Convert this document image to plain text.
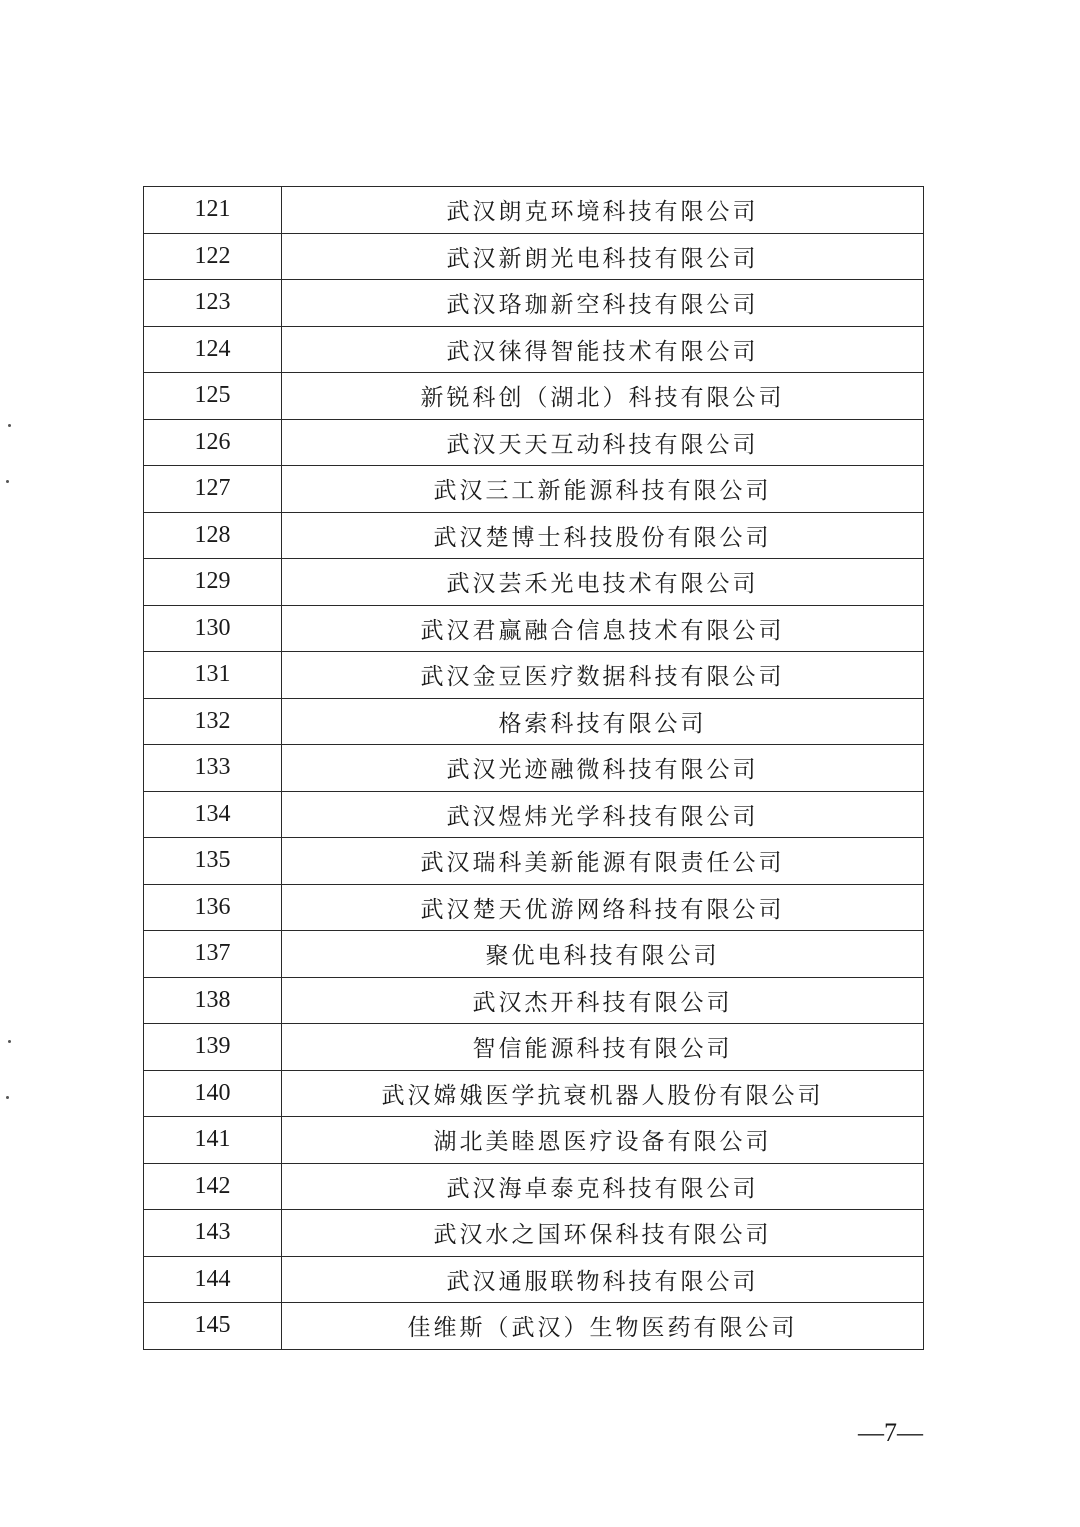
121	武汉朗克环境科技有限公司
122	武汉新朗光电科技有限公司
123	武汉珞珈新空科技有限公司
124	武汉徕得智能技术有限公司
125	新锐科创（湖北）科技有限公司
126	武汉天天互动科技有限公司
127	武汉三工新能源科技有限公司
128	武汉楚博士科技股份有限公司
129	武汉芸禾光电技术有限公司
130	武汉君赢融合信息技术有限公司
131	武汉金豆医疗数据科技有限公司
132	格索科技有限公司
133	武汉光迹融微科技有限公司
134	武汉煜炜光学科技有限公司
135	武汉瑞科美新能源有限责任公司
136	武汉楚天优游网络科技有限公司
137	聚优电科技有限公司
138	武汉杰开科技有限公司
139	智信能源科技有限公司
140	武汉嫦娥医学抗衰机器人股份有限公司
141	湖北美睦恩医疗设备有限公司
142	武汉海卓泰克科技有限公司
143	武汉水之国环保科技有限公司
144	武汉通服联物科技有限公司
145	佳维斯（武汉）生物医药有限公司
—7—
